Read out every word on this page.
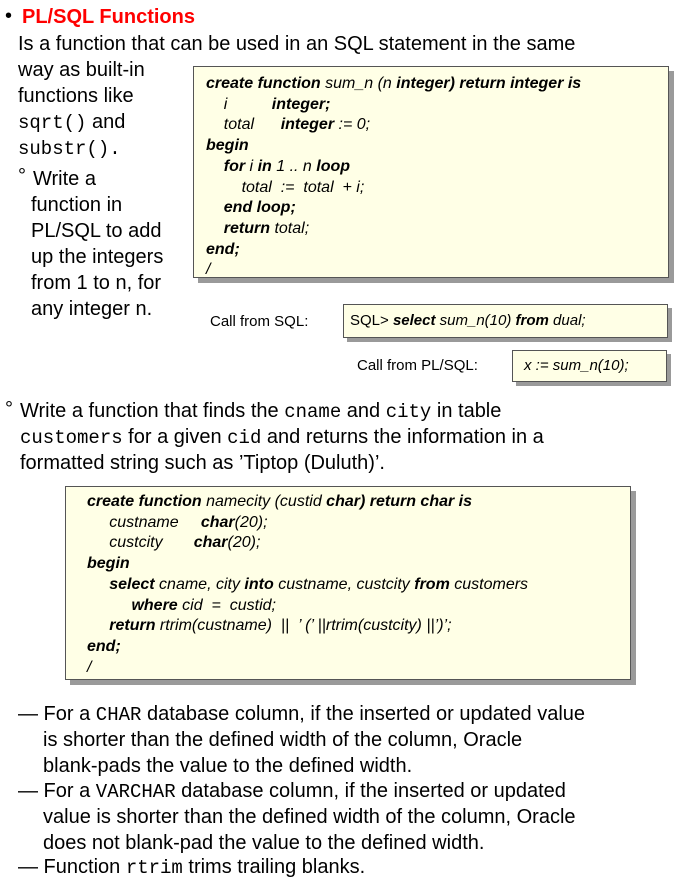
• PL/SQL Functions
Is a function that can be used in an SQL statement in the same
way as built-in
functions like
sqrt() and
substr().
° Write a
function in
PL/SQL to add
up the integers
from 1 to n, for
any integer n.
create function sum_n (n integer) return integer is
i	integer;
total integer := 0;
begin
for i in 1 .. n loop
total  :=  total  + i;
end loop;
return total;
end;
/
Call from SQL:	SQL> select sum_n(10) from dual;
Call from PL/SQL:	x := sum_n(10);
° Write a function that finds the cname and city in table
customers for a given cid and returns the information in a
formatted string such as ’Tiptop (Duluth)’.
create function namecity (custid char) return char is
custname char(20);
custcity char(20);
begin
select cname, city into custname, custcity from customers
where cid  =  custid;
return rtrim(custname)  ||  ’ (’ ||rtrim(custcity) ||’)’;
end;
/
— For a CHAR database column, if the inserted or updated value
is shorter than the defined width of the column, Oracle
blank-pads the value to the defined width.
— For a VARCHAR database column, if the inserted or updated
value is shorter than the defined width of the column, Oracle
does not blank-pad the value to the defined width.
— Function rtrim trims trailing blanks.
